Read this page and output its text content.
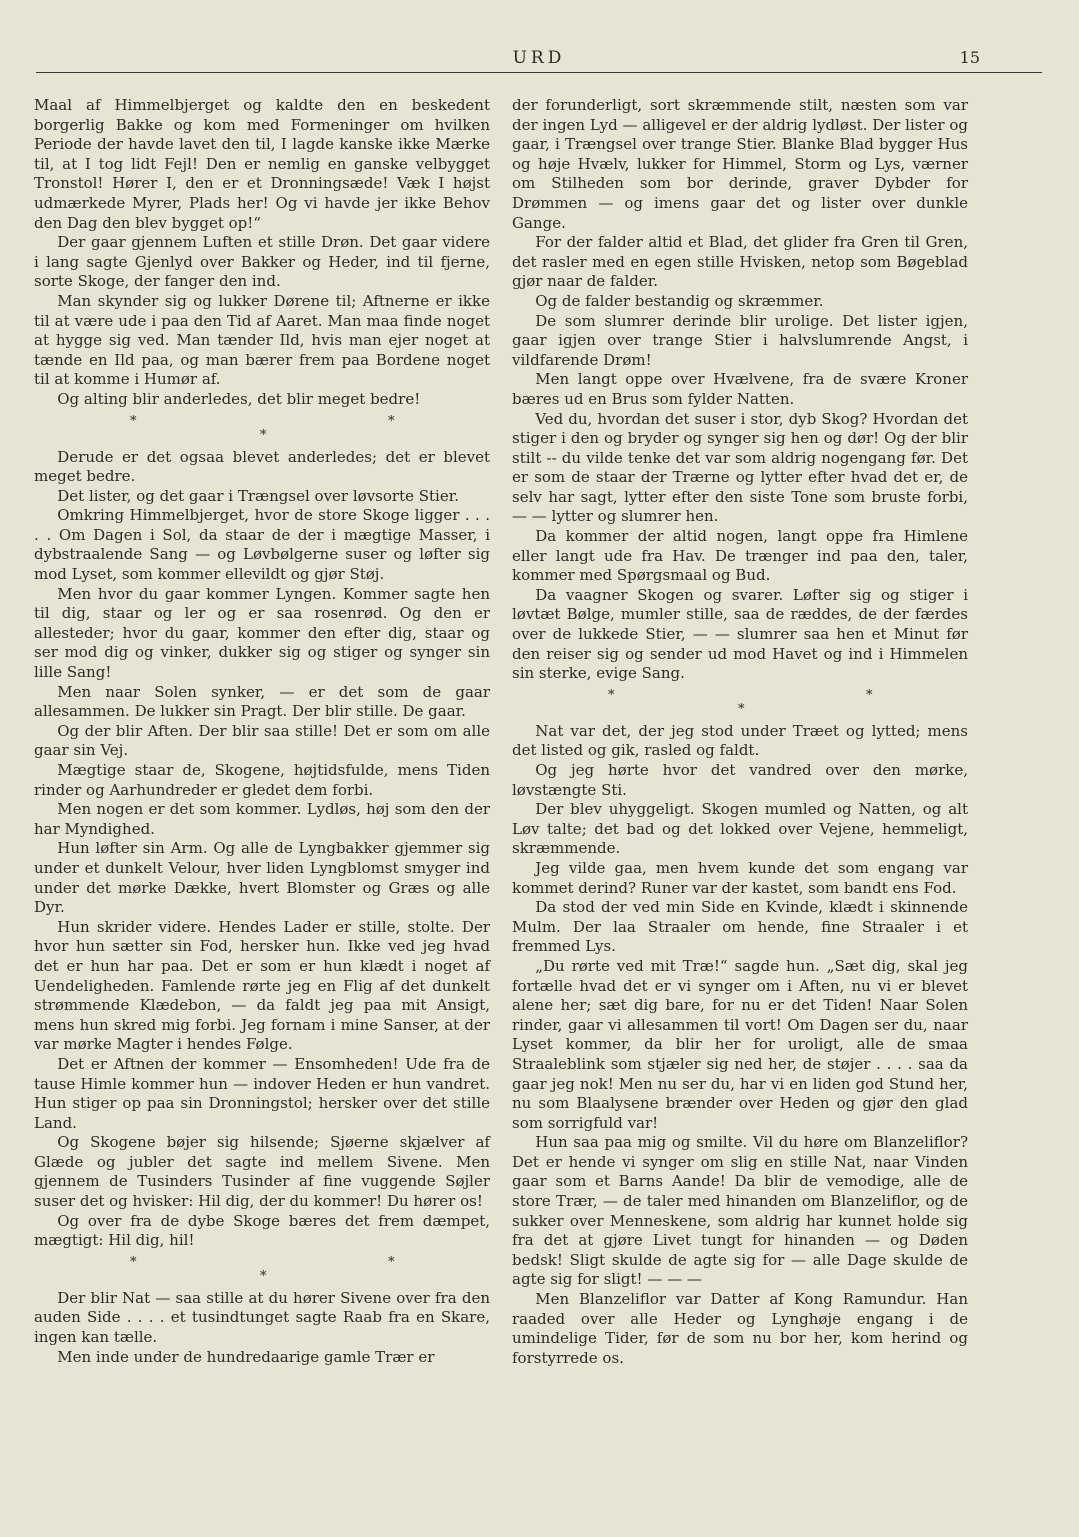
URD	15

Maal af Himmelbjerget og kaldte den en beskedent borgerlig Bakke og kom med Formeninger om hvilken Periode der havde lavet den til, I lagde kanske ikke Mærke til, at I tog lidt Fejl! Den er nemlig en ganske velbygget Tronstol! Hører I, den er et Dronningsæde! Væk I højst udmærkede Myrer, Plads her! Og vi havde jer ikke Behov den Dag den blev bygget op!“

Der gaar gjennem Luften et stille Drøn. Det gaar videre i lang sagte Gjenlyd over Bakker og Heder, ind til fjerne, sorte Skoge, der fanger den ind.

Man skynder sig og lukker Dørene til; Aftnerne er ikke til at være ude i paa den Tid af Aaret. Man maa finde noget at hygge sig ved. Man tænder Ild, hvis man ejer noget at tænde en Ild paa, og man bærer frem paa Bordene noget til at komme i Humør af.

Og alting blir anderledes, det blir meget bedre!

*
*
*

Derude er det ogsaa blevet anderledes; det er blevet meget bedre.

Det lister, og det gaar i Trængsel over løvsorte Stier.

Omkring Himmelbjerget, hvor de store Skoge ligger . . . . . Om Dagen i Sol, da staar de der i mægtige Masser, i dybstraalende Sang — og Løvbølgerne suser og løfter sig mod Lyset, som kommer ellevildt og gjør Støj.

Men hvor du gaar kommer Lyngen. Kommer sagte hen til dig, staar og ler og er saa rosenrød. Og den er allesteder; hvor du gaar, kommer den efter dig, staar og ser mod dig og vinker, dukker sig og stiger og synger sin lille Sang!

Men naar Solen synker, — er det som de gaar allesammen. De lukker sin Pragt. Der blir stille. De gaar.

Og der blir Aften. Der blir saa stille! Det er som om alle gaar sin Vej.

Mægtige staar de, Skogene, højtidsfulde, mens Tiden rinder og Aarhundreder er gledet dem forbi.

Men nogen er det som kommer. Lydløs, høj som den der har Myndighed.

Hun løfter sin Arm. Og alle de Lyngbakker gjemmer sig under et dunkelt Velour, hver liden Lyngblomst smyger ind under det mørke Dække, hvert Blomster og Græs og alle Dyr.

Hun skrider videre. Hendes Lader er stille, stolte. Der hvor hun sætter sin Fod, hersker hun. Ikke ved jeg hvad det er hun har paa. Det er som er hun klædt i noget af Uendeligheden. Famlende rørte jeg en Flig af det dunkelt strømmende Klædebon, — da faldt jeg paa mit Ansigt, mens hun skred mig forbi. Jeg fornam i mine Sanser, at der var mørke Magter i hendes Følge.

Det er Aftnen der kommer — Ensomheden! Ude fra de tause Himle kommer hun — indover Heden er hun vandret. Hun stiger op paa sin Dronningstol; hersker over det stille Land.

Og Skogene bøjer sig hilsende; Sjøerne skjælver af Glæde og jubler det sagte ind mellem Sivene. Men gjennem de Tusinders Tusinder af fine vuggende Søjler suser det og hvisker: Hil dig, der du kommer! Du hører os!

Og over fra de dybe Skoge bæres det frem dæmpet, mægtigt: Hil dig, hil!

*
*
*

Der blir Nat — saa stille at du hører Sivene over fra den auden Side . . . . et tusindtunget sagte Raab fra en Skare, ingen kan tælle.

Men inde under de hundredaarige gamle Trær er

der forunderligt, sort skræmmende stilt, næsten som var der ingen Lyd — alligevel er der aldrig lydløst. Der lister og gaar, i Trængsel over trange Stier. Blanke Blad bygger Hus og høje Hvælv, lukker for Himmel, Storm og Lys, værner om Stilheden som bor derinde, graver Dybder for Drømmen — og imens gaar det og lister over dunkle Gange.

For der falder altid et Blad, det glider fra Gren til Gren, det rasler med en egen stille Hvisken, netop som Bøgeblad gjør naar de falder.

Og de falder bestandig og skræmmer.

De som slumrer derinde blir urolige. Det lister igjen, gaar igjen over trange Stier i halvslumrende Angst, i vildfarende Drøm!

Men langt oppe over Hvælvene, fra de svære Kroner bæres ud en Brus som fylder Natten.

Ved du, hvordan det suser i stor, dyb Skog? Hvordan det stiger i den og bryder og synger sig hen og dør! Og der blir stilt -- du vilde tenke det var som aldrig nogengang før. Det er som de staar der Trærne og lytter efter hvad det er, de selv har sagt, lytter efter den siste Tone som bruste forbi, — — lytter og slumrer hen.

Da kommer der altid nogen, langt oppe fra Himlene eller langt ude fra Hav. De trænger ind paa den, taler, kommer med Spørgsmaal og Bud.

Da vaagner Skogen og svarer. Løfter sig og stiger i løvtæt Bølge, mumler stille, saa de ræddes, de der færdes over de lukkede Stier, — — slumrer saa hen et Minut før den reiser sig og sender ud mod Havet og ind i Himmelen sin sterke, evige Sang.

*
*
*

Nat var det, der jeg stod under Træet og lytted; mens det listed og gik, rasled og faldt.

Og jeg hørte hvor det vandred over den mørke, løvstængte Sti.

Der blev uhyggeligt. Skogen mumled og Natten, og alt Løv talte; det bad og det lokked over Vejene, hemmeligt, skræmmende.

Jeg vilde gaa, men hvem kunde det som engang var kommet derind? Runer var der kastet, som bandt ens Fod.

Da stod der ved min Side en Kvinde, klædt i skinnende Mulm. Der laa Straaler om hende, fine Straaler i et fremmed Lys.

„Du rørte ved mit Træ!“ sagde hun. „Sæt dig, skal jeg fortælle hvad det er vi synger om i Aften, nu vi er blevet alene her; sæt dig bare, for nu er det Tiden! Naar Solen rinder, gaar vi allesammen til vort! Om Dagen ser du, naar Lyset kommer, da blir her for uroligt, alle de smaa Straaleblink som stjæler sig ned her, de støjer . . . . saa da gaar jeg nok! Men nu ser du, har vi en liden god Stund her, nu som Blaalysene brænder over Heden og gjør den glad som sorrigfuld var!

Hun saa paa mig og smilte. Vil du høre om Blanzeliflor? Det er hende vi synger om slig en stille Nat, naar Vinden gaar som et Barns Aande! Da blir de vemodige, alle de store Trær, — de taler med hinanden om Blanzeliflor, og de sukker over Menneskene, som aldrig har kunnet holde sig fra det at gjøre Livet tungt for hinanden — og Døden bedsk! Sligt skulde de agte sig for — alle Dage skulde de agte sig for sligt! — — —

Men Blanzeliflor var Datter af Kong Ramundur. Han raaded over alle Heder og Lynghøje engang i de umindelige Tider, før de som nu bor her, kom herind og forstyrrede os.
